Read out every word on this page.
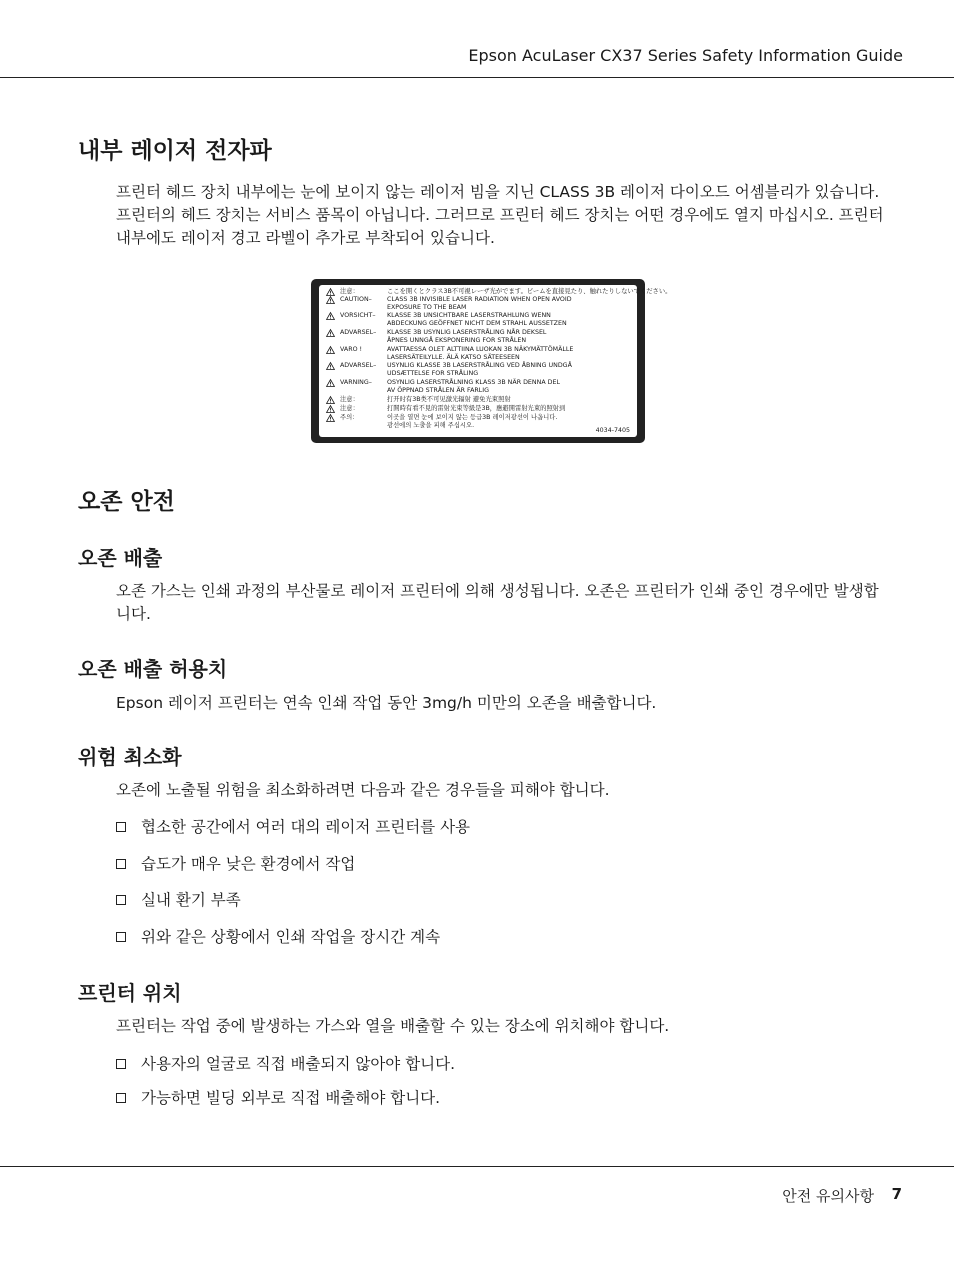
Epson AcuLaser CX37 Series Safety Information Guide
내부 레이저 전자파

프린터 헤드 장치 내부에는 눈에 보이지 않는 레이저 빔을 지닌 CLASS 3B 레이저 다이오드 어셈블리가 있습니다. 프린터의 헤드 장치는 서비스 품목이 아닙니다. 그러므로 프린터 헤드 장치는 어떤 경우에도 열지 마십시오. 프린터 내부에도 레이저 경고 라벨이 추가로 부착되어 있습니다.

4034-7405
注意：	ここを開くとクラス3B不可視レーザ光がでます。ビームを直接見たり、触れたりしないでください。
CAUTION– CLASS 3B INVISIBLE LASER RADIATION WHEN OPEN AVOID
EXPOSURE TO THE BEAM
VORSICHT– KLASSE 3B UNSICHTBARE LASERSTRAHLUNG WENN
ABDECKUNG GEÖFFNET NICHT DEM STRAHL AUSSETZEN
ADVARSEL– KLASSE 3B USYNLIG LASERSTRÅLING NÅR DEKSEL
ÅPNES UNNGÅ EKSPONERING FOR STRÅLEN
VARO !	AVATTAESSA OLET ALTTIINA LUOKAN 3B NÄKYMÄTTÖMÄLLE
LASERSÄTEILYLLE. ÄLÄ KATSO SÄTEESEEN
ADVARSEL– USYNLIG KLASSE 3B LASERSTRÅLING VED ÅBNING UNDGÅ
UDSÆTTELSE FOR STRÅLING
VARNING– OSYNLIG LASERSTRÅLNING KLASS 3B NÄR DENNA DEL
AV ÖPPNAD STRÅLEN ÄR FARLIG
注意：	打开时有3B类不可见激光辐射 避免光束照射
注意：	打開時有看不見的雷射光束等級是3B，應避開雷射光束的照射到
주의：	이곳을 열면 눈에 보이지 않는 등급3B 레이저광선이 나옵니다.
광선에의 노출을 피해 주십시오.
오존 안전
오존 배출

오존 가스는 인쇄 과정의 부산물로 레이저 프린터에 의해 생성됩니다. 오존은 프린터가 인쇄 중인 경우에만 발생합니다.

오존 배출 허용치

Epson 레이저 프린터는 연속 인쇄 작업 동안 3mg/h 미만의 오존을 배출합니다.

위험 최소화

오존에 노출될 위험을 최소화하려면 다음과 같은 경우들을 피해야 합니다.

협소한 공간에서 여러 대의 레이저 프린터를 사용
습도가 매우 낮은 환경에서 작업
실내 환기 부족
위와 같은 상황에서 인쇄 작업을 장시간 계속
프린터 위치

프린터는 작업 중에 발생하는 가스와 열을 배출할 수 있는 장소에 위치해야 합니다.

사용자의 얼굴로 직접 배출되지 않아야 합니다.
가능하면 빌딩 외부로 직접 배출해야 합니다.
안전 유의사항 7
